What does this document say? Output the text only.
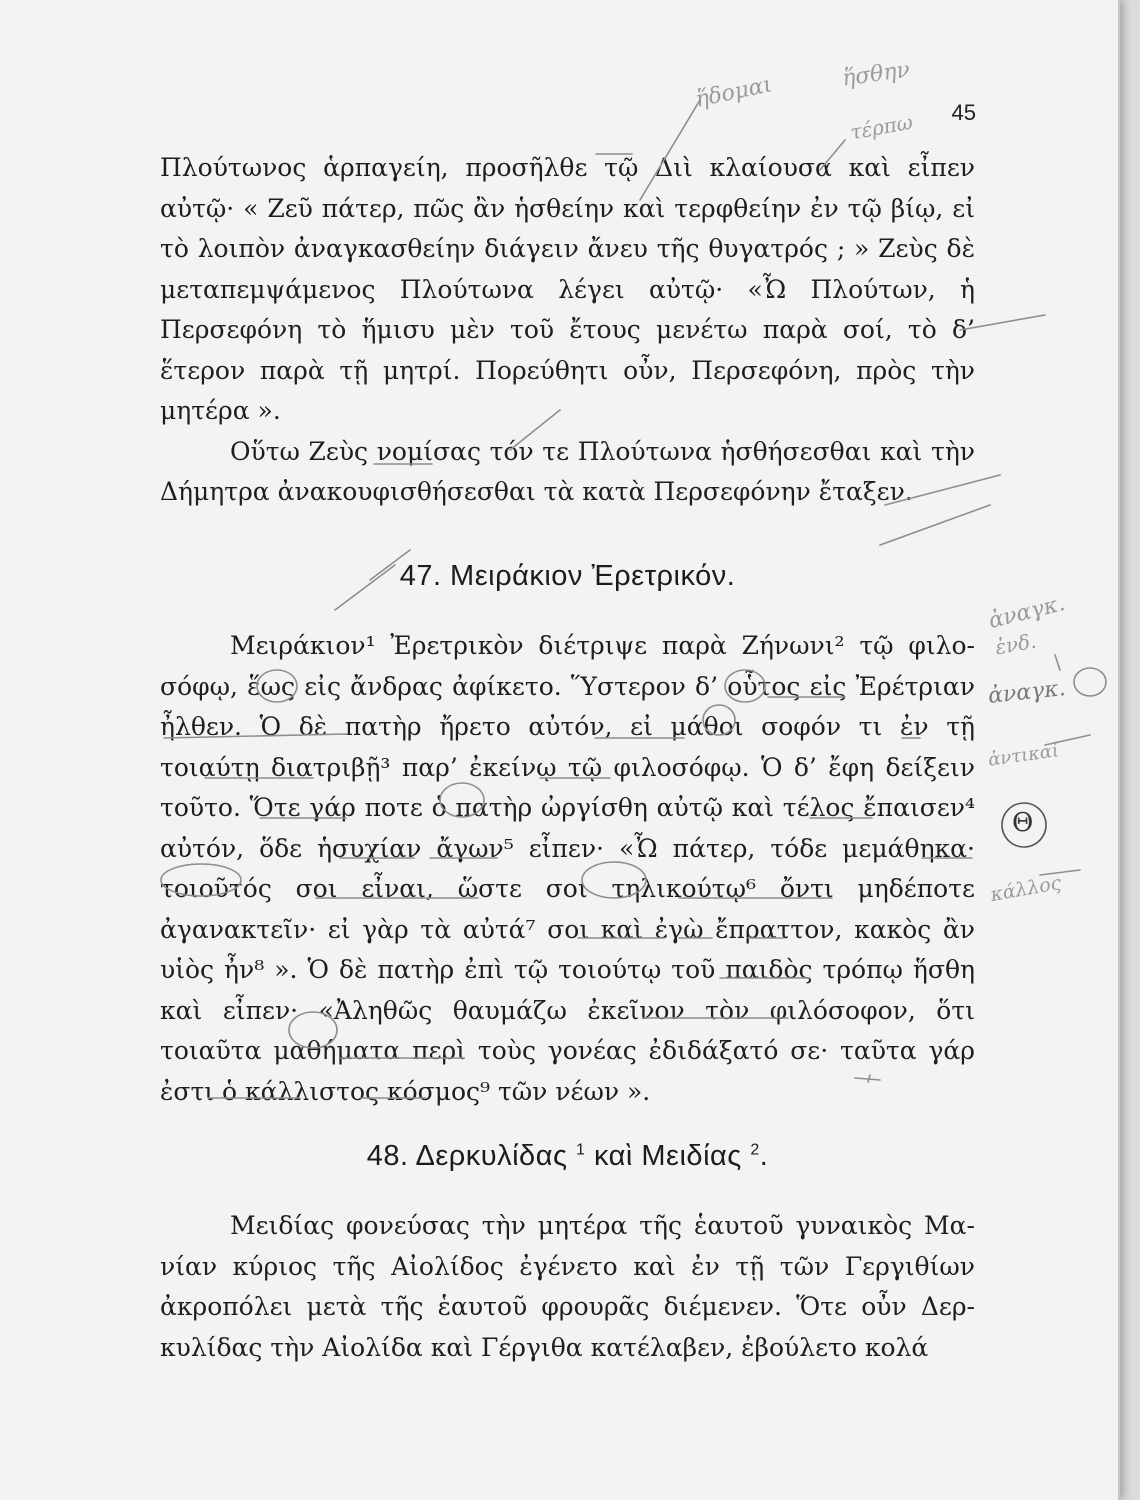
45

Πλούτωνος ἁρπαγείη, προσῆλθε τῷ Διὶ κλαίουσα καὶ εἶπεν αὐτῷ· « Ζεῦ πάτερ, πῶς ἂν ἡσθείην καὶ τερφθείην ἐν τῷ βίῳ, εἰ τὸ λοιπὸν ἀναγκασθείην διάγειν ἄνευ τῆς θυγατρός ; » Ζεὺς δὲ μεταπεμψάμενος Πλούτωνα λέγει αὐτῷ· «Ὦ Πλούτων, ἡ Περσεφόνη τὸ ἥμισυ μὲν τοῦ ἔτους μενέτω παρὰ σοί, τὸ δ’ ἕτερον παρὰ τῇ μητρί. Πορεύθητι οὖν, Περσεφόνη, πρὸς τὴν μητέρα ».

Οὕτω Ζεὺς νομίσας τόν τε Πλούτωνα ἡσθήσεσθαι καὶ τὴν Δήμητρα ἀνακουφισθήσεσθαι τὰ κατὰ Περσεφόνην ἔταξεν.

47. Μειράκιον Ἐρετρικόν.

Μειράκιον¹ Ἐρετρικὸν διέτριψε παρὰ Ζήνωνι² τῷ φιλοσόφῳ, ἕως εἰς ἄνδρας ἀφίκετο. Ὕστερον δ’ οὗτος εἰς Ἐρέτριαν ἦλθεν. Ὁ δὲ πατὴρ ἤρετο αὐτόν, εἰ μάθοι σοφόν τι ἐν τῇ τοιαύτῃ διατριβῇ³ παρ’ ἐκείνῳ τῷ φιλοσόφῳ. Ὁ δ’ ἔφη δείξειν τοῦτο. Ὅτε γάρ ποτε ὁ πατὴρ ὠργίσθη αὐτῷ καὶ τέλος ἔπαισεν⁴ αὐτόν, ὅδε ἡσυχίαν ἄγων⁵ εἶπεν· «Ὦ πάτερ, τόδε μεμάθηκα· τοιοῦτός σοι εἶναι, ὥστε σοι τηλικούτῳ⁶ ὄντι μηδέποτε ἀγανακτεῖν· εἰ γὰρ τὰ αὐτά⁷ σοι καὶ ἐγὼ ἔπραττον, κακὸς ἂν υἱὸς ἦν⁸ ». Ὁ δὲ πατὴρ ἐπὶ τῷ τοιούτῳ τοῦ παιδὸς τρόπῳ ἥσθη καὶ εἶπεν· «Ἀληθῶς θαυμάζω ἐκεῖνον τὸν φιλόσοφον, ὅτι τοιαῦτα μαθήματα περὶ τοὺς γονέας ἐδιδάξατό σε· ταῦτα γάρ ἐστι ὁ κάλλιστος κόσμος⁹ τῶν νέων ».

48. Δερκυλίδας $^1$ καὶ Μειδίας $^2$.

Μειδίας φονεύσας τὴν μητέρα τῆς ἑαυτοῦ γυναικὸς Μανίαν κύριος τῆς Αἰολίδος ἐγένετο καὶ ἐν τῇ τῶν Γεργιθίων ἀκροπόλει μετὰ τῆς ἑαυτοῦ φρουρᾶς διέμενεν. Ὅτε οὖν Δερκυλίδας τὴν Αἰολίδα καὶ Γέργιθα κατέλαβεν, ἐβούλετο κολά

ἥδομαι	ἥσθην
τέρπω
ἀναγκ.
ἐνδ.
ἀναγκ.
ἀντικαί
Θ
κάλλος
